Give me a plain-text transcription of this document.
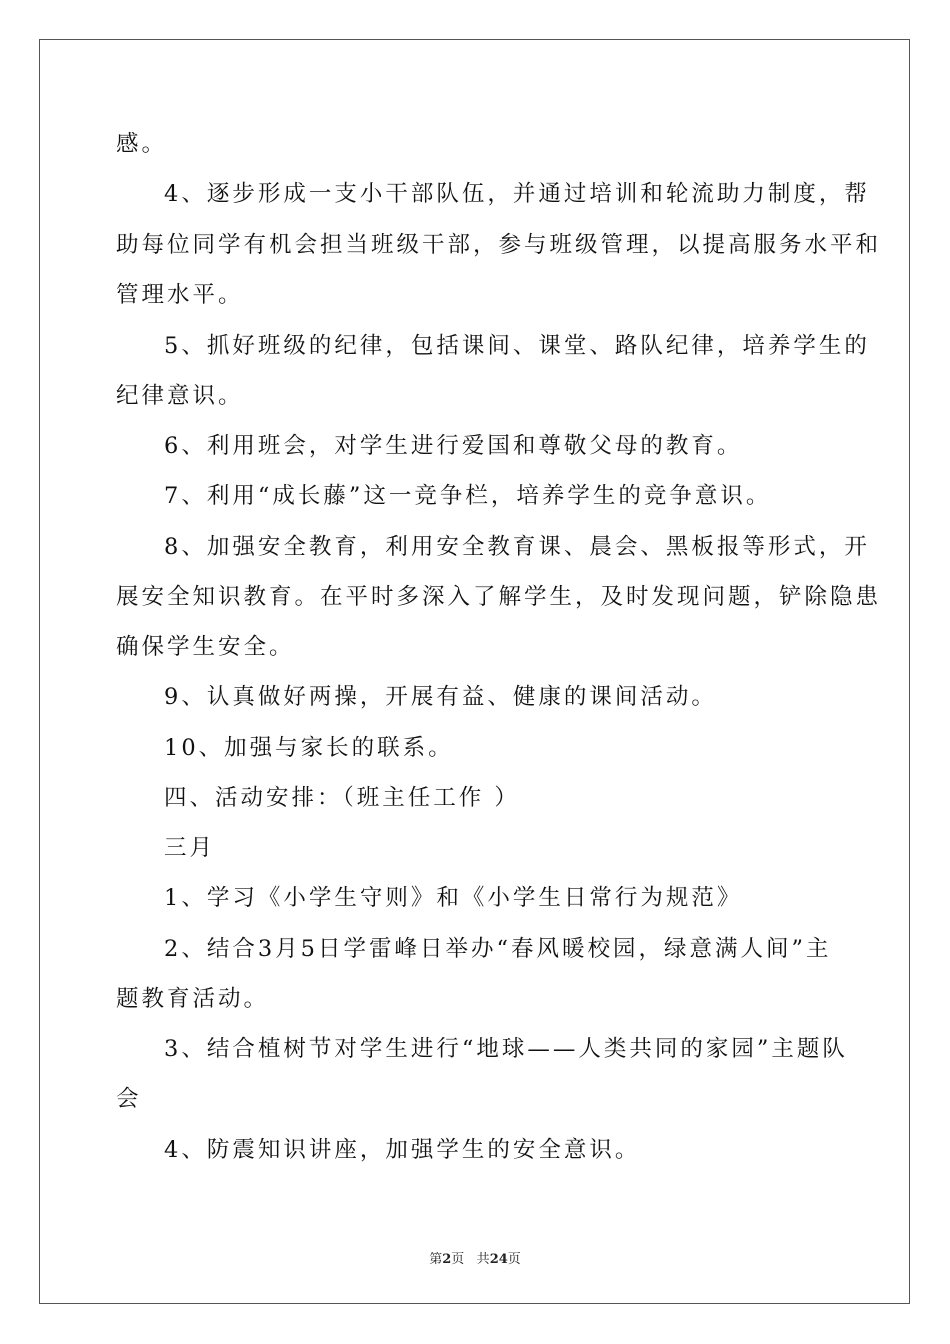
感。
4、逐步形成一支小干部队伍，并通过培训和轮流助力制度，帮
助每位同学有机会担当班级干部，参与班级管理，以提高服务水平和
管理水平。
5、抓好班级的纪律，包括课间、课堂、路队纪律，培养学生的
纪律意识。
6、利用班会，对学生进行爱国和尊敬父母的教育。
7、利用“成长藤”这一竞争栏，培养学生的竞争意识。
8、加强安全教育，利用安全教育课、晨会、黑板报等形式，开
展安全知识教育。在平时多深入了解学生，及时发现问题，铲除隐患
确保学生安全。
9、认真做好两操，开展有益、健康的课间活动。
10、加强与家长的联系。
四、活动安排：（班主任工作 ）
三月
1、学习《小学生守则》和《小学生日常行为规范》
2、结合3月5日学雷峰日举办“春风暖校园，绿意满人间”主
题教育活动。
3、结合植树节对学生进行“地球——人类共同的家园”主题队
会
4、防震知识讲座，加强学生的安全意识。
第2页 共24页
